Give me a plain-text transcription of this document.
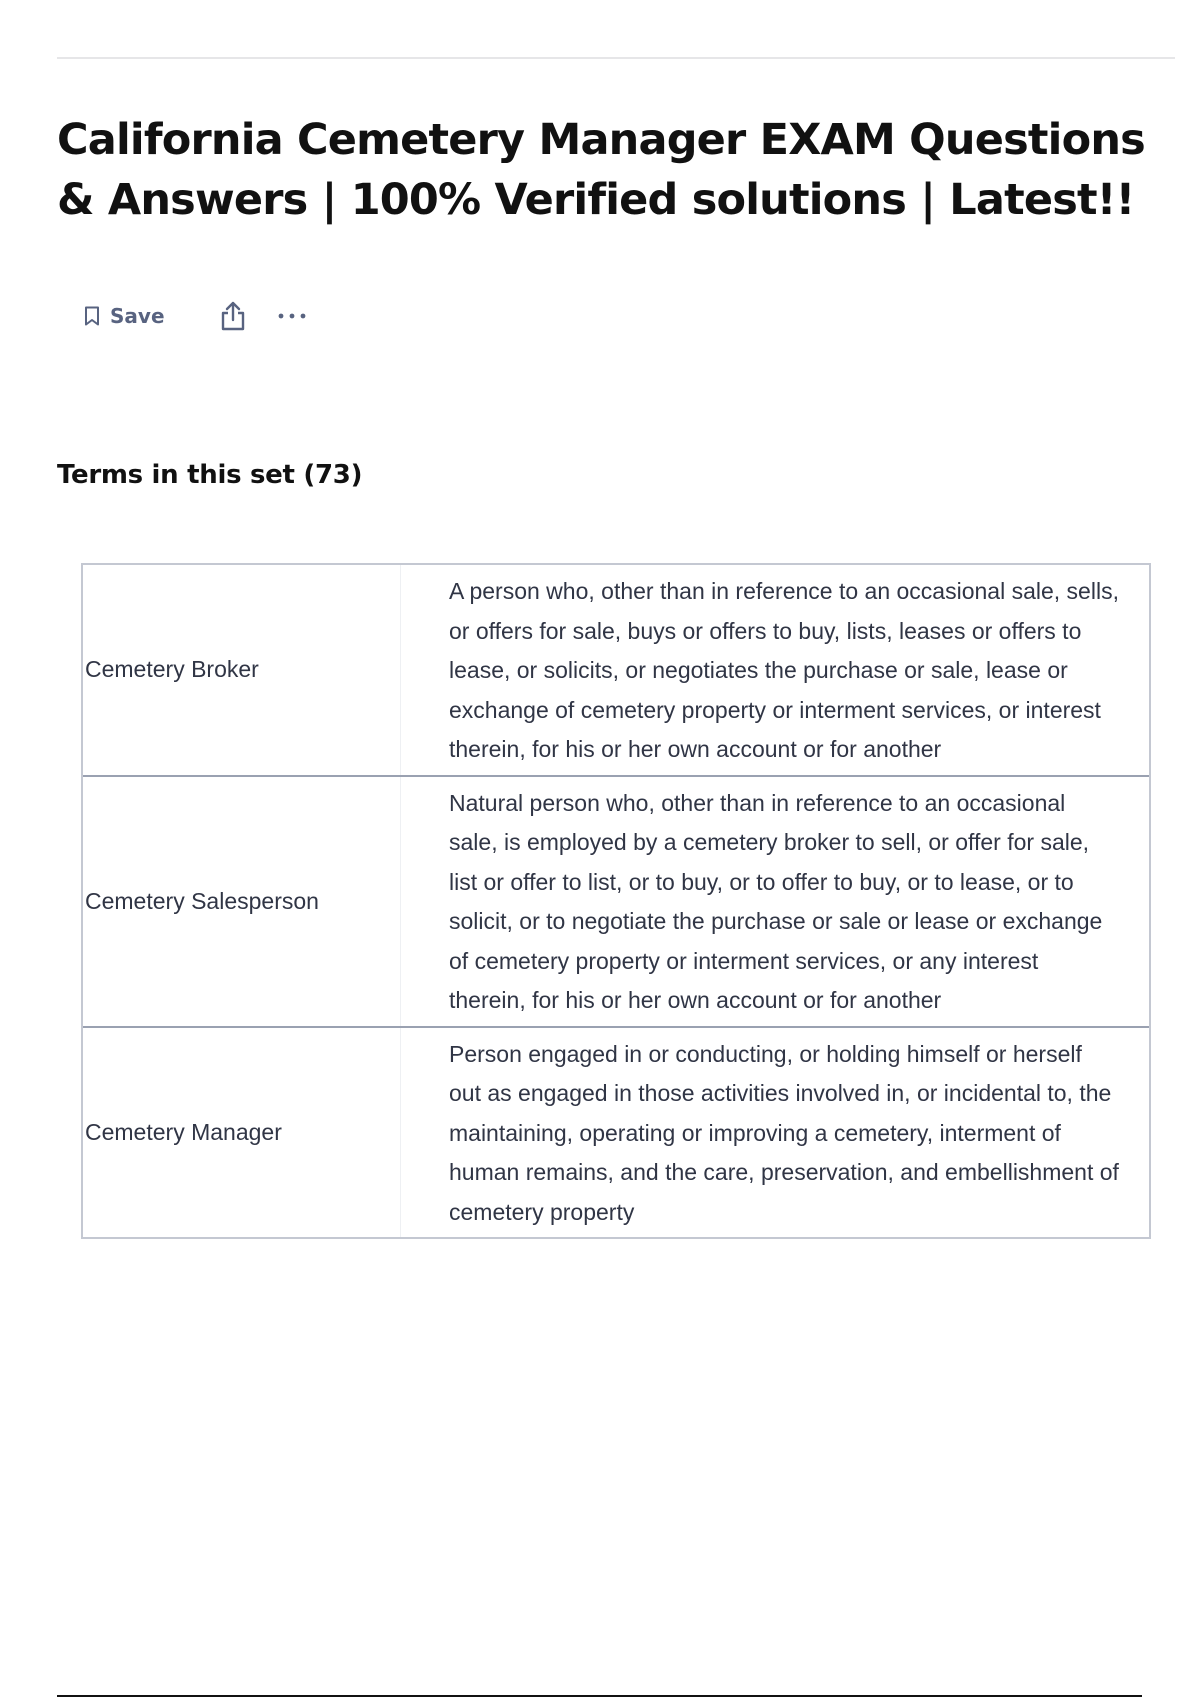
California Cemetery Manager EXAM Questions & Answers | 100% Verified solutions | Latest!!
Save
Terms in this set (73)
Cemetery Broker
A person who, other than in reference to an occasional sale, sells, or offers for sale, buys or offers to buy, lists, leases or offers to lease, or solicits, or negotiates the purchase or sale, lease or exchange of cemetery property or interment services, or interest therein, for his or her own account or for another
Cemetery Salesperson
Natural person who, other than in reference to an occasional sale, is employed by a cemetery broker to sell, or offer for sale, list or offer to list, or to buy, or to offer to buy, or to lease, or to solicit, or to negotiate the purchase or sale or lease or exchange of cemetery property or interment services, or any interest therein, for his or her own account or for another
Cemetery Manager
Person engaged in or conducting, or holding himself or herself out as engaged in those activities involved in, or incidental to, the maintaining, operating or improving a cemetery, interment of human remains, and the care, preservation, and embellishment of cemetery property
